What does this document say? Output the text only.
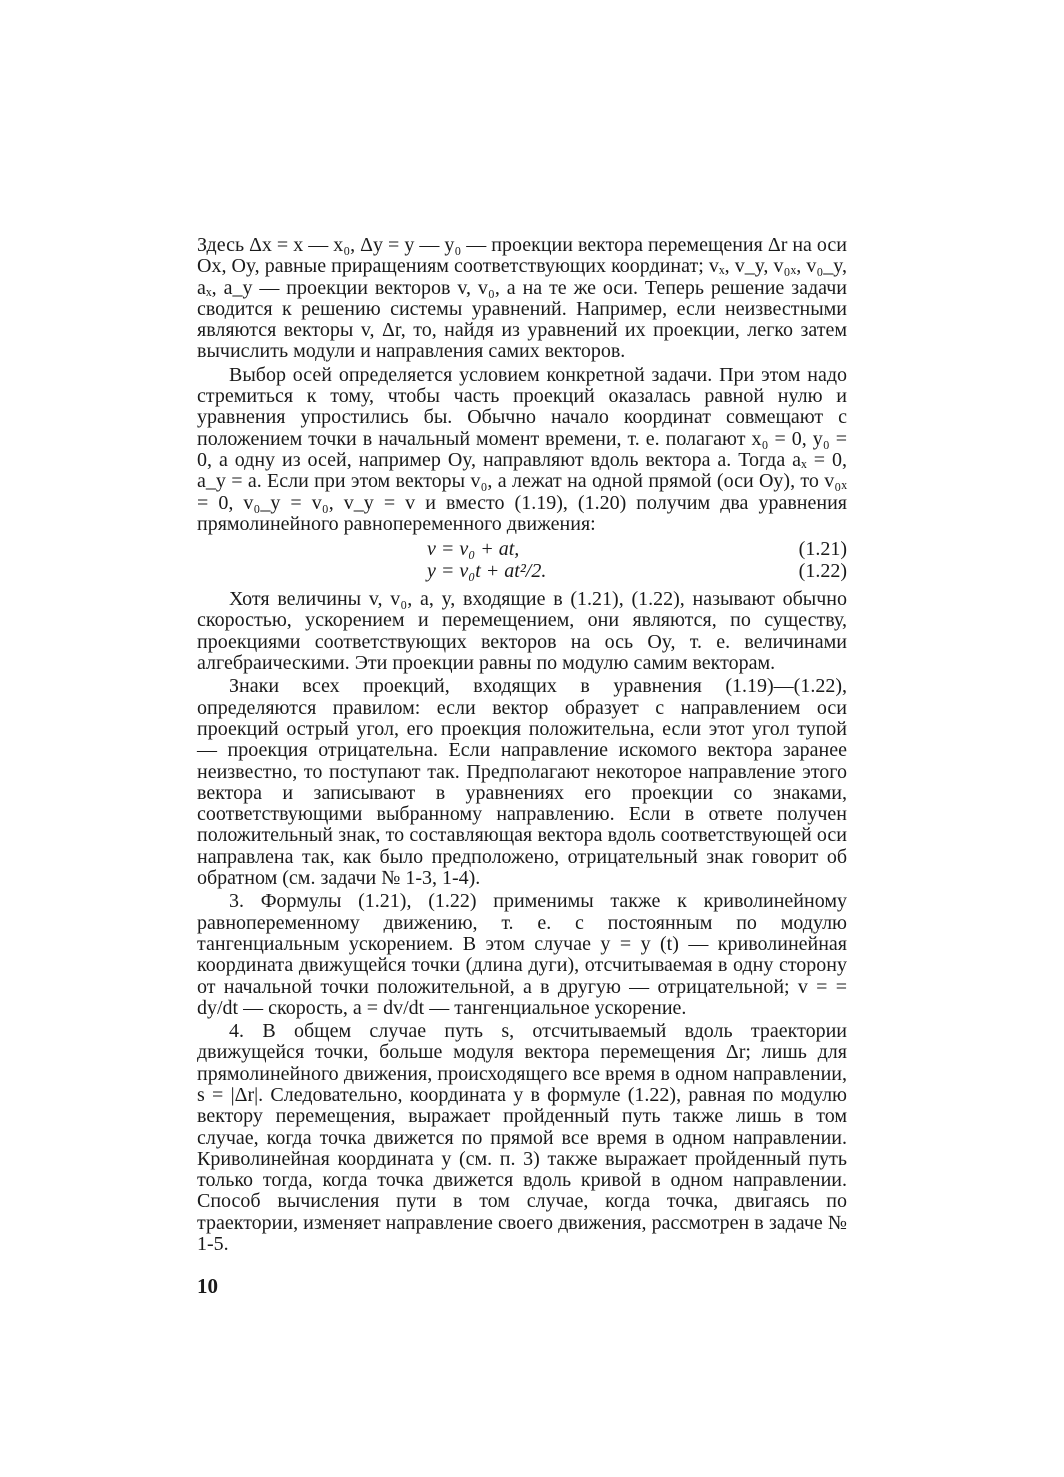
Здесь Δx = x — x₀, Δy = y — y₀ — проекции вектора перемещения Δr на оси Ox, Oy, равные приращениям соответствующих координат; vₓ, v_y, v₀ₓ, v₀_y, aₓ, a_y — проекции векторов v, v₀, a на те же оси. Теперь решение задачи сводится к решению системы уравнений. Например, если неизвестными являются векторы v, Δr, то, найдя из уравнений их проекции, легко затем вычислить модули и направления самих векторов.

Выбор осей определяется условием конкретной задачи. При этом надо стремиться к тому, чтобы часть проекций оказалась равной нулю и уравнения упростились бы. Обычно начало координат совмещают с положением точки в начальный момент времени, т. е. полагают x₀ = 0, y₀ = 0, а одну из осей, например Oy, направляют вдоль вектора a. Тогда aₓ = 0, a_y = a. Если при этом векторы v₀, a лежат на одной прямой (оси Oy), то v₀ₓ = 0, v₀_y = v₀, v_y = v и вместо (1.19), (1.20) получим два уравнения прямолинейного равнопеременного движения:

v = v₀ + at,	(1.21)
y = v₀t + at²/2.	(1.22)

Хотя величины v, v₀, a, y, входящие в (1.21), (1.22), называют обычно скоростью, ускорением и перемещением, они являются, по существу, проекциями соответствующих векторов на ось Oy, т. е. величинами алгебраическими. Эти проекции равны по модулю самим векторам.

Знаки всех проекций, входящих в уравнения (1.19)—(1.22), определяются правилом: если вектор образует с направлением оси проекций острый угол, его проекция положительна, если этот угол тупой — проекция отрицательна. Если направление искомого вектора заранее неизвестно, то поступают так. Предполагают некоторое направление этого вектора и записывают в уравнениях его проекции со знаками, соответствующими выбранному направлению. Если в ответе получен положительный знак, то составляющая вектора вдоль соответствующей оси направлена так, как было предположено, отрицательный знак говорит об обратном (см. задачи № 1-3, 1-4).

3. Формулы (1.21), (1.22) применимы также к криволинейному равнопеременному движению, т. е. с постоянным по модулю тангенциальным ускорением. В этом случае y = y (t) — криволинейная координата движущейся точки (длина дуги), отсчитываемая в одну сторону от начальной точки положительной, а в другую — отрицательной; v = = dy/dt — скорость, a = dv/dt — тангенциальное ускорение.

4. В общем случае путь s, отсчитываемый вдоль траектории движущейся точки, больше модуля вектора перемещения Δr; лишь для прямолинейного движения, происходящего все время в одном направлении, s = |Δr|. Следовательно, координата y в формуле (1.22), равная по модулю вектору перемещения, выражает пройденный путь также лишь в том случае, когда точка движется по прямой все время в одном направлении. Криволинейная координата y (см. п. 3) также выражает пройденный путь только тогда, когда точка движется вдоль кривой в одном направлении. Способ вычисления пути в том случае, когда точка, двигаясь по траектории, изменяет направление своего движения, рассмотрен в задаче № 1-5.

10
